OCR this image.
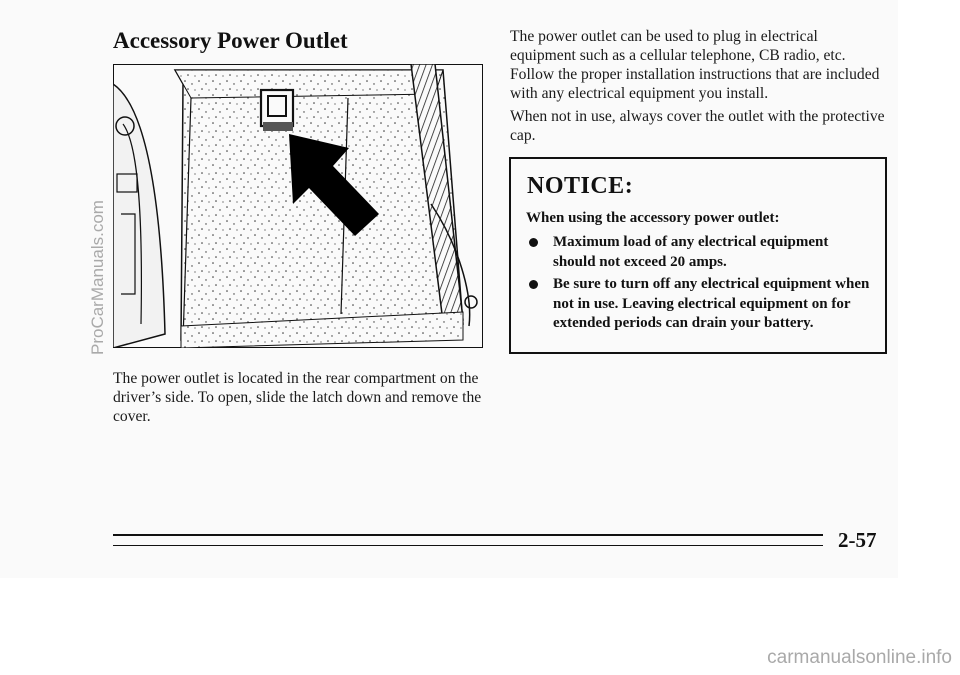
Accessory Power Outlet

The power outlet is located in the rear compartment on the driver’s side. To open, slide the latch down and remove the cover.

The power outlet can be used to plug in electrical equipment such as a cellular telephone, CB radio, etc. Follow the proper installation instructions that are included with any electrical equipment you install.

When not in use, always cover the outlet with the protective cap.

NOTICE:
When using the accessory power outlet:
Maximum load of any electrical equipment should not exceed 20 amps.
Be sure to turn off any electrical equipment when not in use. Leaving electrical equipment on for extended periods can drain your battery.
2-57
ProCarManuals.com
carmanualsonline.info
